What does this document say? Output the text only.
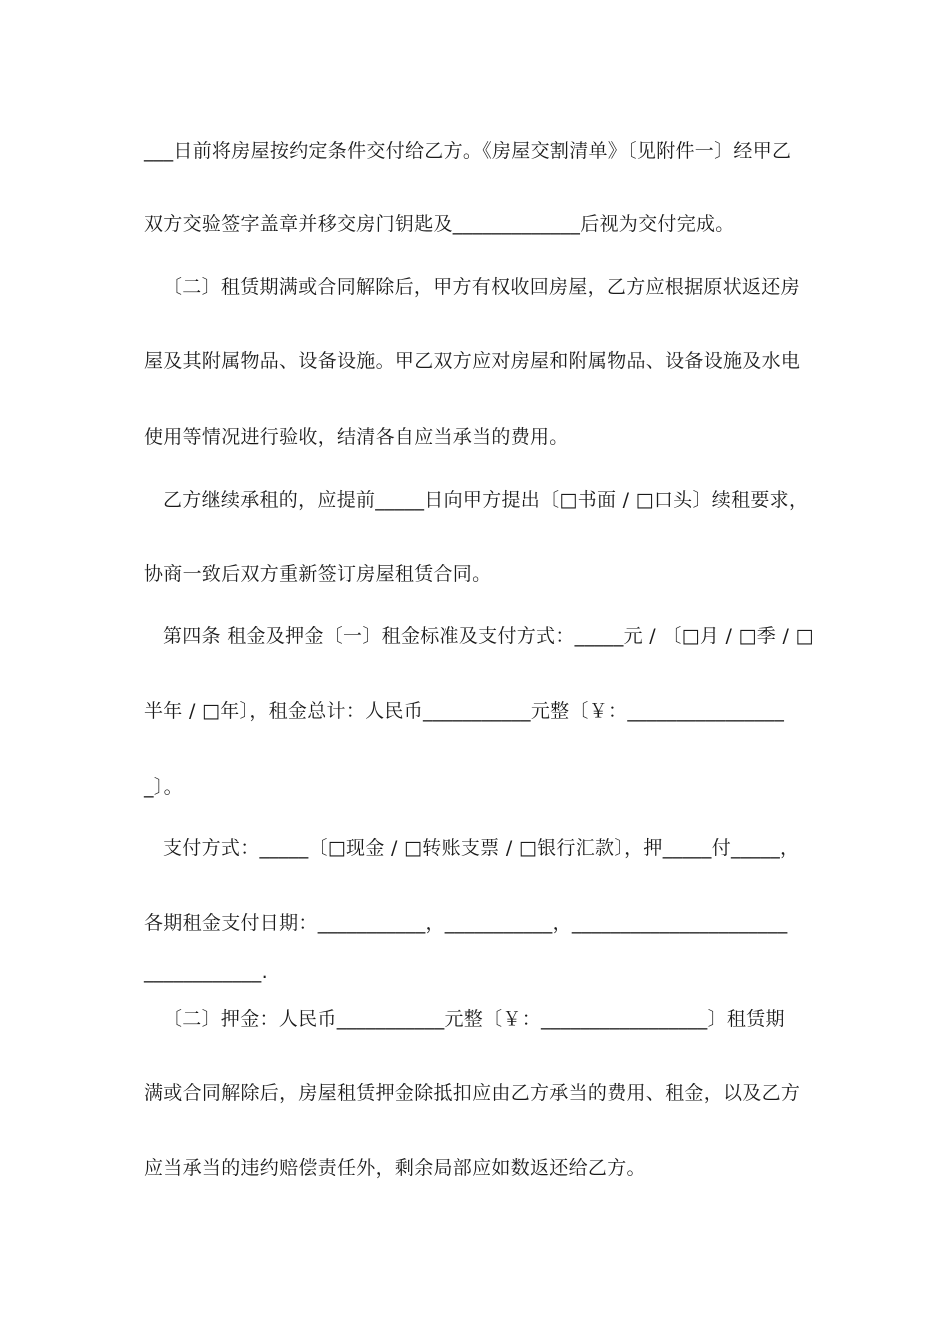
___日前将房屋按约定条件交付给乙方。《房屋交割清单》〔见附件一〕经甲乙
双方交验签字盖章并移交房门钥匙及_____________后视为交付完成。
〔二〕租赁期满或合同解除后，甲方有权收回房屋，乙方应根据原状返还房
屋及其附属物品、设备设施。甲乙双方应对房屋和附属物品、设备设施及水电
使用等情况进行验收，结清各自应当承当的费用。
乙方继续承租的，应提前_____日向甲方提出〔□书面 / □口头〕续租要求，
协商一致后双方重新签订房屋租赁合同。
第四条 租金及押金〔一〕租金标准及支付方式：_____元 / 〔□月 / □季 / □
半年 / □年〕，租金总计：人民币___________元整〔￥：________________
_〕。
支付方式：_____〔□现金 / □转账支票 / □银行汇款〕，押_____付_____，
各期租金支付日期：___________，___________，______________________
____________.
〔二〕押金：人民币___________元整〔￥：_________________〕租赁期
满或合同解除后，房屋租赁押金除抵扣应由乙方承当的费用、租金，以及乙方
应当承当的违约赔偿责任外，剩余局部应如数返还给乙方。
